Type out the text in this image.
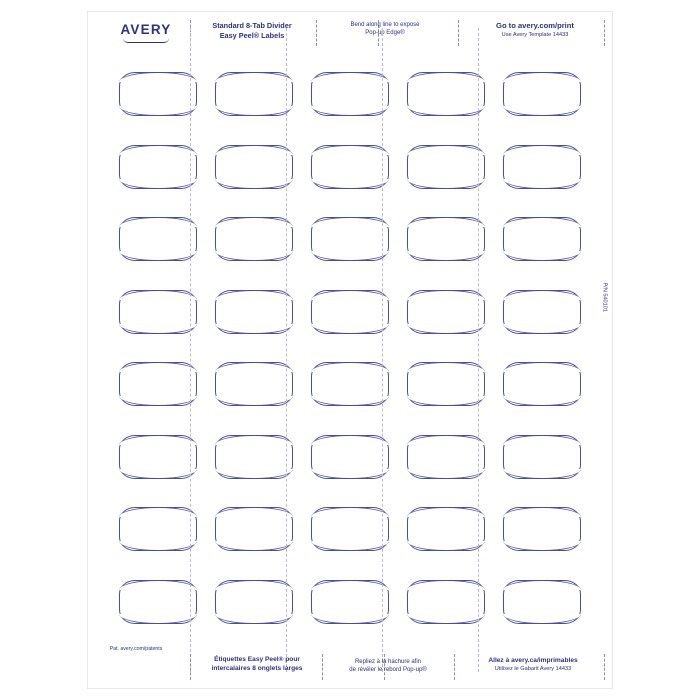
AVERY	Standard 8-Tab Divider
Easy Peel® Labels
Bend along line to expose
Pop-up Edge®
Go to avery.com/print
Use Avery Template 14433
P/N 540101
Pat. avery.com/patents
Étiquettes Easy Peel® pour
intercalaires 8 onglets larges
Repliez à la hachure afin
de révéler le rebord Pop-up®
Allez à avery.ca/imprimables
Utilisez le Gabarit Avery 14433
